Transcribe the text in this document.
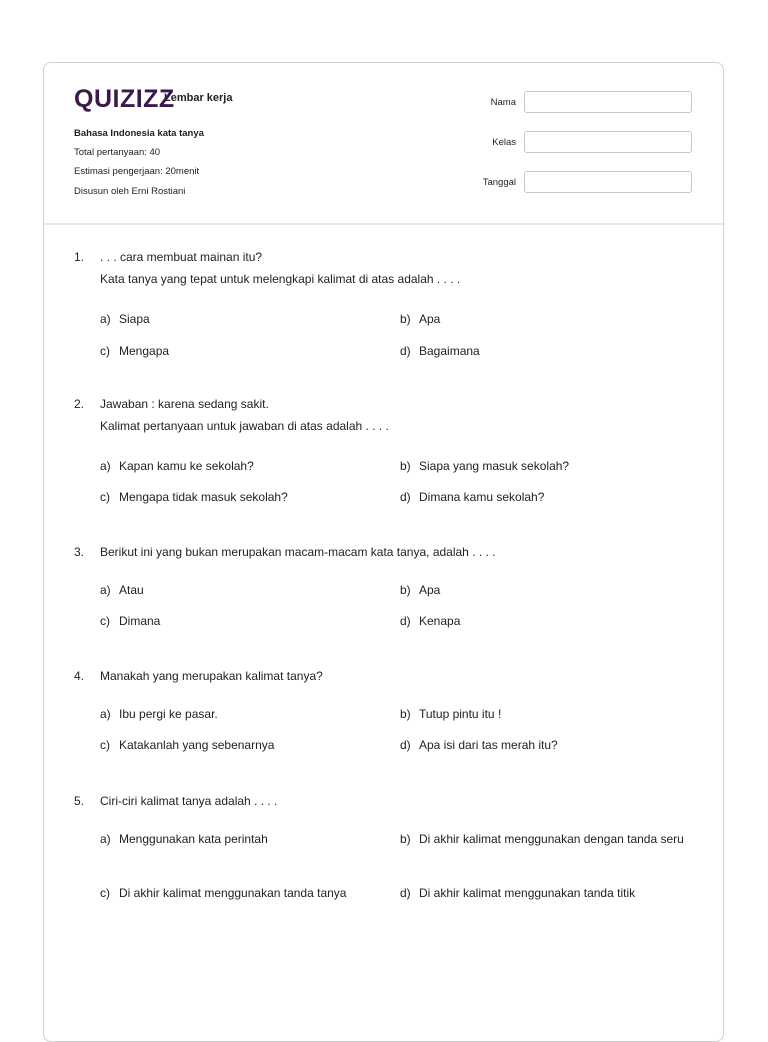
QUIZIZZ
Lembar kerja
Bahasa Indonesia kata tanya
Total pertanyaan: 40
Estimasi pengerjaan: 20menit
Disusun oleh Erni Rostiani
Nama
Kelas
Tanggal
1. . . . cara membuat mainan itu?
Kata tanya yang tepat untuk melengkapi kalimat di atas adalah . . . .
a) Siapa	b) Apa
c) Mengapa	d) Bagaimana
2. Jawaban : karena sedang sakit.
Kalimat pertanyaan untuk jawaban di atas adalah . . . .
a) Kapan kamu ke sekolah?	b) Siapa yang masuk sekolah?
c) Mengapa tidak masuk sekolah?	d) Dimana kamu sekolah?
3. Berikut ini yang bukan merupakan macam-macam kata tanya, adalah . . . .
a) Atau	b) Apa
c) Dimana	d) Kenapa
4. Manakah yang merupakan kalimat tanya?
a) Ibu pergi ke pasar.	b) Tutup pintu itu !
c) Katakanlah yang sebenarnya	d) Apa isi dari tas merah itu?
5. Ciri-ciri kalimat tanya adalah . . . .
a) Menggunakan kata perintah	b) Di akhir kalimat menggunakan dengan tanda seru
c) Di akhir kalimat menggunakan tanda tanya	d) Di akhir kalimat menggunakan tanda titik
